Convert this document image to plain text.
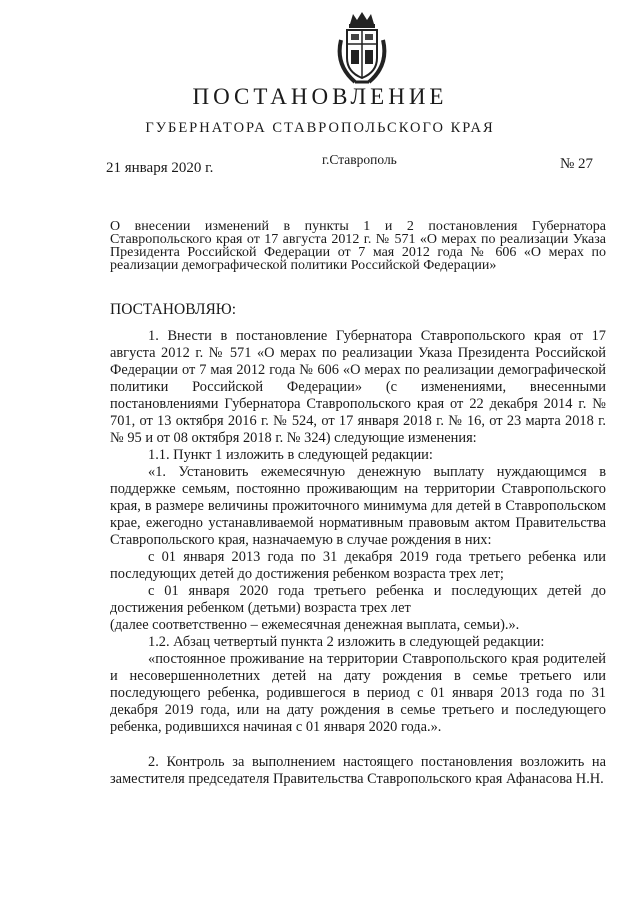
ПОСТАНОВЛЕНИЕ
ГУБЕРНАТОРА СТАВРОПОЛЬСКОГО КРАЯ
21 января 2020 г.
г.Ставрополь	№ 27
О внесении изменений в пункты 1 и 2 постановления Губернатора Ставропольского края от 17 августа 2012 г. № 571 «О мерах по реализации Указа Президента Российской Федерации от 7 мая 2012 года № 606 «О мерах по реализации демографической политики Российской Федерации»
ПОСТАНОВЛЯЮ:

1. Внести в постановление Губернатора Ставропольского края от 17 августа 2012 г. № 571 «О мерах по реализации Указа Президента Российской Федерации от 7 мая 2012 года № 606 «О мерах по реализации демографической политики Российской Федерации» (с изменениями, внесенными постановлениями Губернатора Ставропольского края от 22 декабря 2014 г. № 701, от 13 октября 2016 г. № 524, от 17 января 2018 г. № 16, от 23 марта 2018 г. № 95 и от 08 октября 2018 г. № 324) следующие изменения:

1.1. Пункт 1 изложить в следующей редакции:

«1. Установить ежемесячную денежную выплату нуждающимся в поддержке семьям, постоянно проживающим на территории Ставропольского края, в размере величины прожиточного минимума для детей в Ставропольском крае, ежегодно устанавливаемой нормативным правовым актом Правительства Ставропольского края, назначаемую в случае рождения в них:

с 01 января 2013 года по 31 декабря 2019 года третьего ребенка или последующих детей до достижения ребенком возраста трех лет;

с 01 января 2020 года третьего ребенка и последующих детей до достижения ребенком (детьми) возраста трех лет

(далее соответственно – ежемесячная денежная выплата, семьи).».

1.2. Абзац четвертый пункта 2 изложить в следующей редакции:

«постоянное проживание на территории Ставропольского края родителей и несовершеннолетних детей на дату рождения в семье третьего или последующего ребенка, родившегося в период с 01 января 2013 года по 31 декабря 2019 года, или на дату рождения в семье третьего и последующего ребенка, родившихся начиная с 01 января 2020 года.».

2. Контроль за выполнением настоящего постановления возложить на заместителя председателя Правительства Ставропольского края Афанасова Н.Н.
